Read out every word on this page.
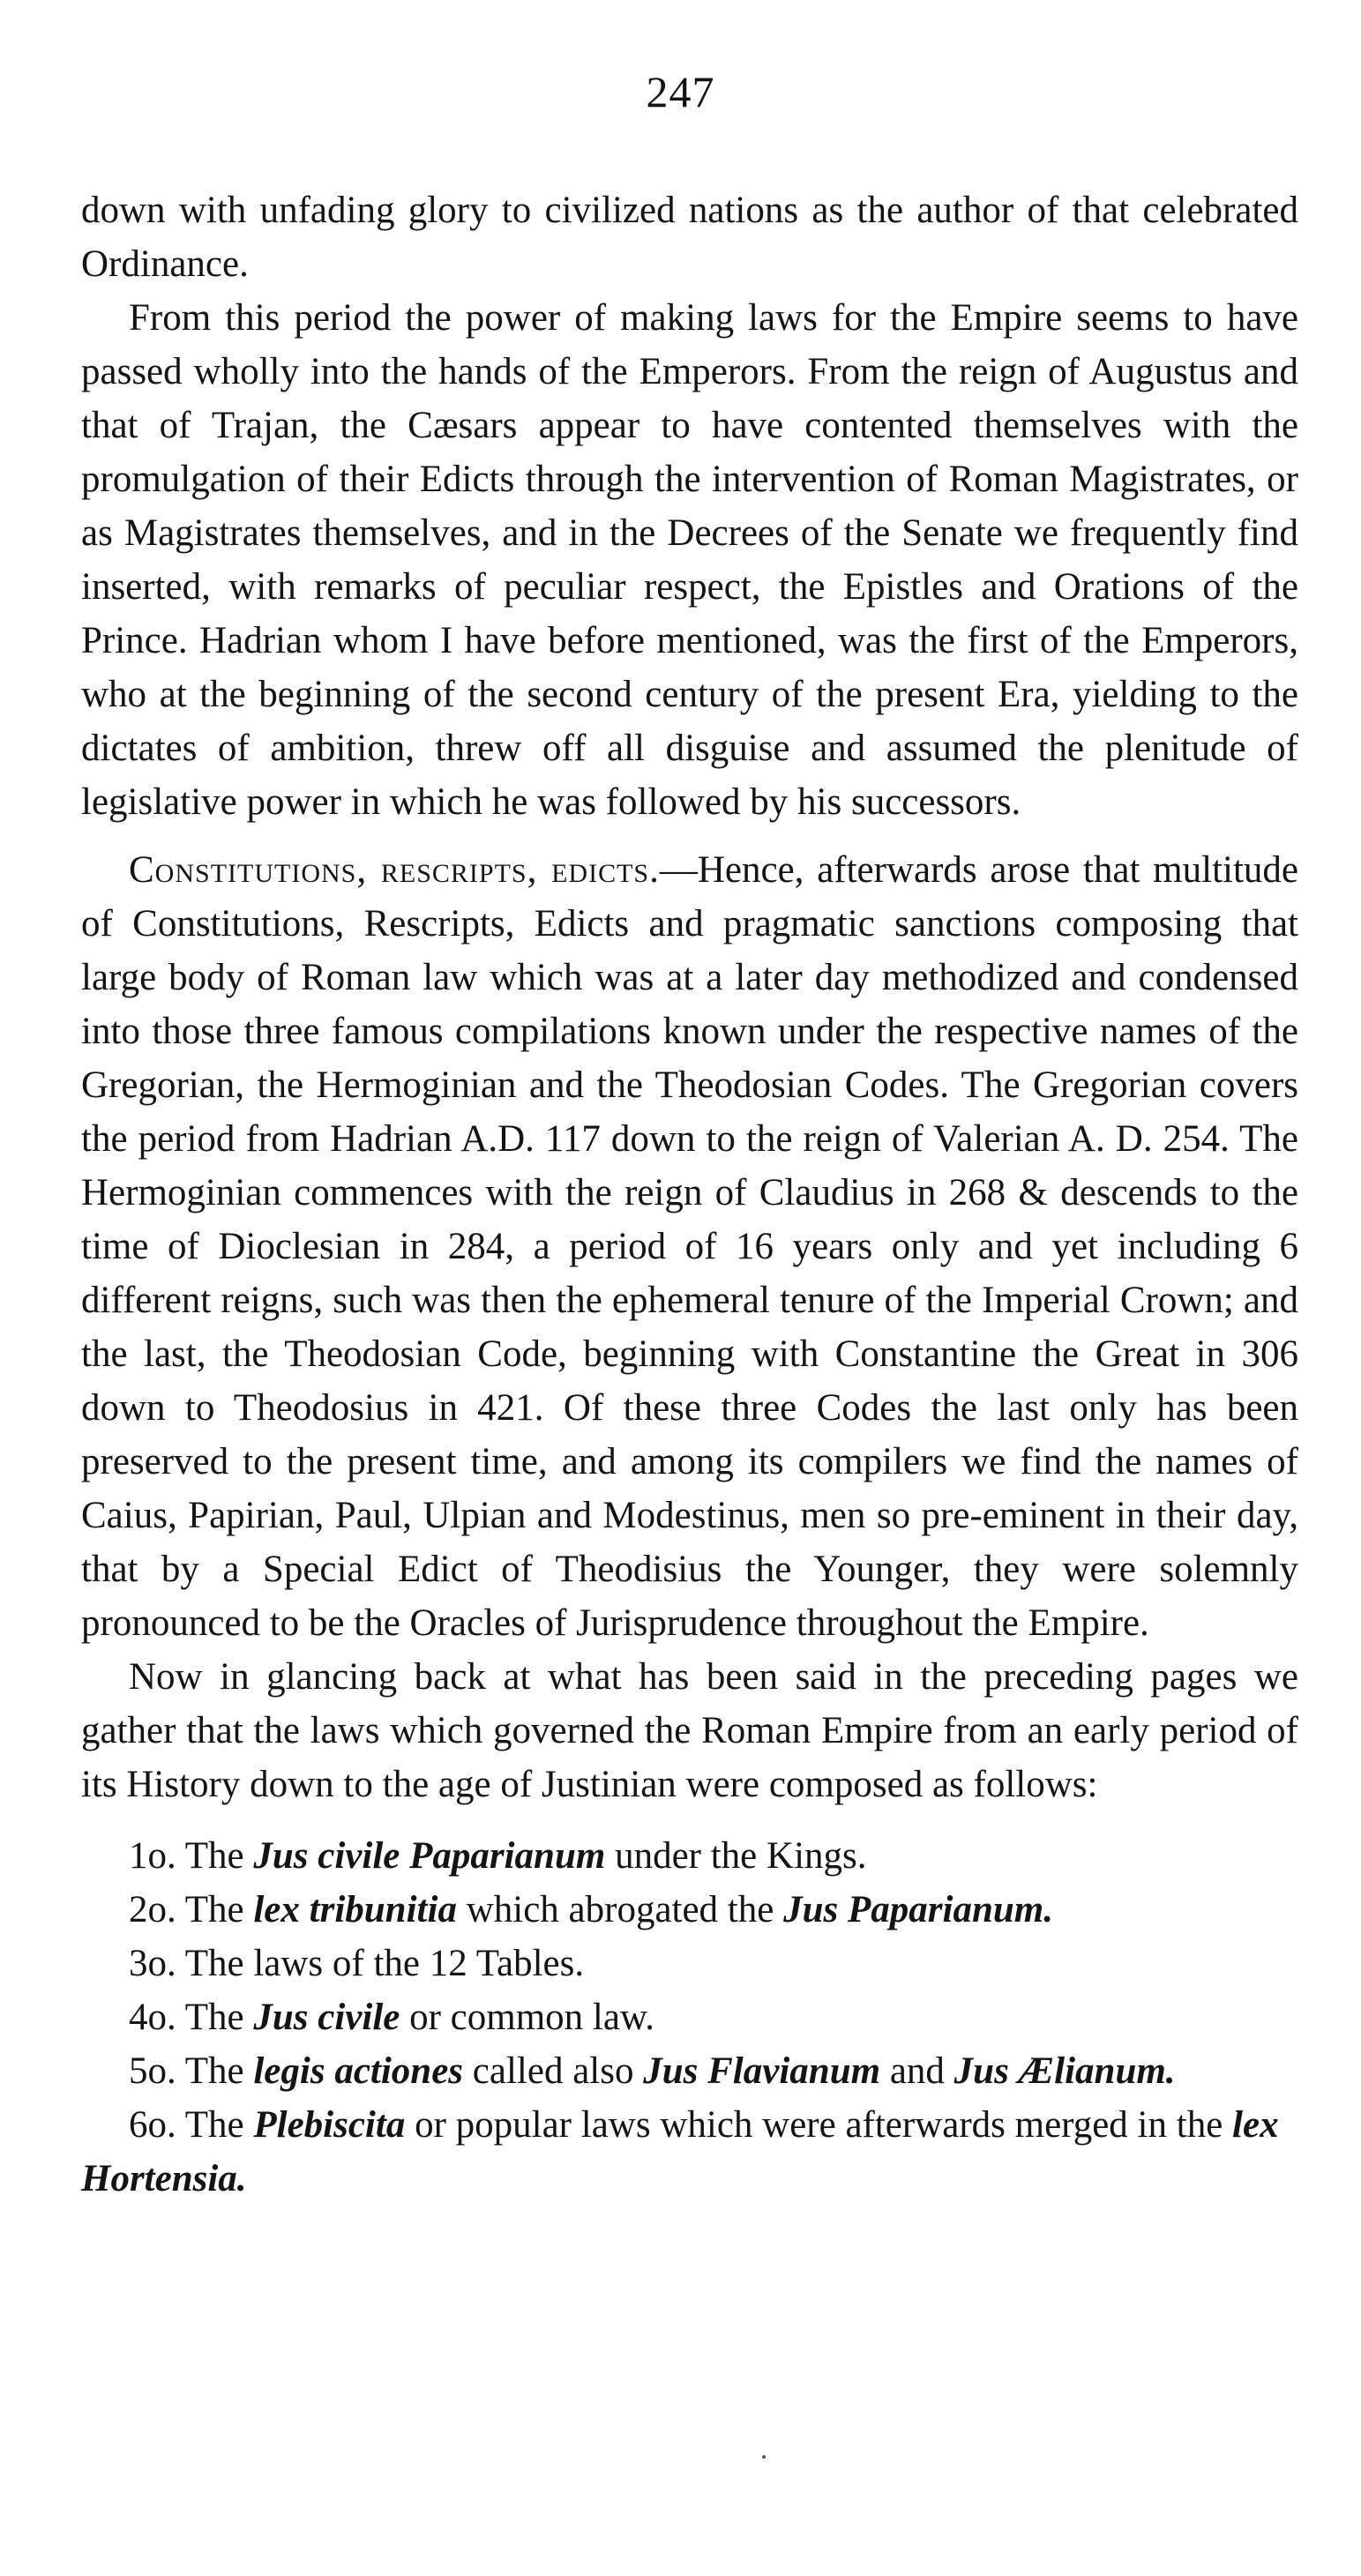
247

down with unfading glory to civilized nations as the author of that celebrated Ordinance.

From this period the power of making laws for the Empire seems to have passed wholly into the hands of the Emperors. From the reign of Augustus and that of Trajan, the Cæsars appear to have contented themselves with the promulgation of their Edicts through the intervention of Roman Magistrates, or as Magistrates themselves, and in the Decrees of the Senate we frequently find inserted, with remarks of peculiar respect, the Epistles and Orations of the Prince. Hadrian whom I have before mentioned, was the first of the Emperors, who at the beginning of the second century of the present Era, yielding to the dictates of ambition, threw off all disguise and assumed the plenitude of legislative power in which he was followed by his successors.

Constitutions, rescripts, edicts.—Hence, afterwards arose that multitude of Constitutions, Rescripts, Edicts and pragmatic sanctions composing that large body of Roman law which was at a later day methodized and condensed into those three famous compilations known under the respective names of the Gregorian, the Hermoginian and the Theodosian Codes. The Gregorian covers the period from Hadrian A.D. 117 down to the reign of Valerian A. D. 254. The Hermoginian commences with the reign of Claudius in 268 & descends to the time of Dioclesian in 284, a period of 16 years only and yet including 6 different reigns, such was then the ephemeral tenure of the Imperial Crown; and the last, the Theodosian Code, beginning with Constantine the Great in 306 down to Theodosius in 421. Of these three Codes the last only has been preserved to the present time, and among its compilers we find the names of Caius, Papirian, Paul, Ulpian and Modestinus, men so pre-eminent in their day, that by a Special Edict of Theodisius the Younger, they were solemnly pronounced to be the Oracles of Jurisprudence throughout the Empire.

Now in glancing back at what has been said in the preceding pages we gather that the laws which governed the Roman Empire from an early period of its History down to the age of Justinian were composed as follows:

1o. The Jus civile Paparianum under the Kings.
2o. The lex tribunitia which abrogated the Jus Paparianum.
3o. The laws of the 12 Tables.
4o. The Jus civile or common law.
5o. The legis actiones called also Jus Flavianum and Jus Ælianum.
6o. The Plebiscita or popular laws which were afterwards merged in the lex Hortensia.
